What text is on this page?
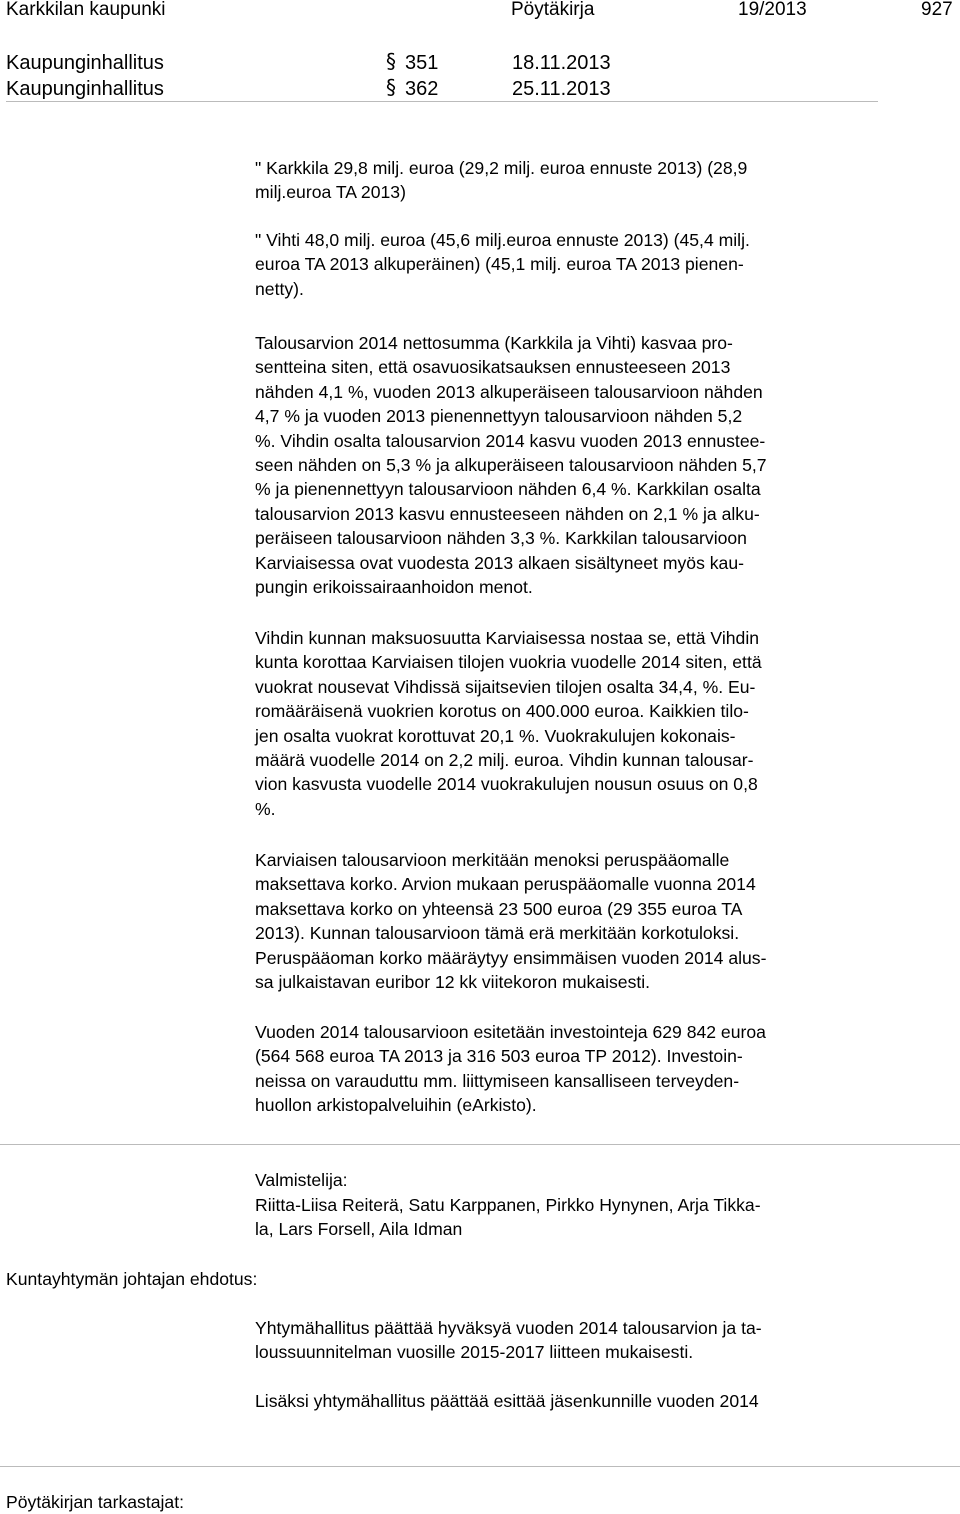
Karkkilan kaupunki	Pöytäkirja	19/2013	927
Kaupunginhallitus	§ 351	18.11.2013
Kaupunginhallitus	§ 362	25.11.2013

" Karkkila 29,8 milj. euroa (29,2 milj. euroa ennuste 2013) (28,9
milj.euroa TA 2013)

" Vihti 48,0 milj. euroa (45,6 milj.euroa ennuste 2013) (45,4 milj.
euroa TA 2013 alkuperäinen) (45,1 milj. euroa TA 2013 pienen-
netty).

Talousarvion 2014 nettosumma (Karkkila ja Vihti) kasvaa pro-
sentteina siten, että osavuosikatsauksen ennusteeseen 2013
nähden 4,1 %, vuoden 2013 alkuperäiseen talousarvioon nähden
4,7 % ja vuoden 2013 pienennettyyn talousarvioon nähden 5,2
%. Vihdin osalta talousarvion 2014 kasvu vuoden 2013 ennustee-
seen nähden on 5,3 % ja alkuperäiseen talousarvioon nähden 5,7
% ja pienennettyyn talousarvioon nähden 6,4 %. Karkkilan osalta
talousarvion 2013 kasvu ennusteeseen nähden on 2,1 % ja alku-
peräiseen talousarvioon nähden 3,3 %. Karkkilan talousarvioon
Karviaisessa ovat vuodesta 2013 alkaen sisältyneet myös kau-
pungin erikoissairaanhoidon menot.

Vihdin kunnan maksuosuutta Karviaisessa nostaa se, että Vihdin
kunta korottaa Karviaisen tilojen vuokria vuodelle 2014 siten, että
vuokrat nousevat Vihdissä sijaitsevien tilojen osalta 34,4, %. Eu-
romääräisenä vuokrien korotus on 400.000 euroa. Kaikkien tilo-
jen osalta vuokrat korottuvat 20,1 %. Vuokrakulujen kokonais-
määrä vuodelle 2014 on 2,2 milj. euroa. Vihdin kunnan talousar-
vion kasvusta vuodelle 2014 vuokrakulujen nousun osuus on 0,8
%.

Karviaisen talousarvioon merkitään menoksi peruspääomalle
maksettava korko. Arvion mukaan peruspääomalle vuonna 2014
maksettava korko on yhteensä 23 500 euroa (29 355 euroa TA
2013). Kunnan talousarvioon tämä erä merkitään korkotuloksi.
Peruspääoman korko määräytyy ensimmäisen vuoden 2014 alus-
sa julkaistavan euribor 12 kk viitekoron mukaisesti.

Vuoden 2014 talousarvioon esitetään investointeja 629 842 euroa
(564 568 euroa TA 2013 ja 316 503 euroa TP 2012). Investoin-
neissa on varauduttu mm. liittymiseen kansalliseen terveyden-
huollon arkistopalveluihin (eArkisto).

Valmistelija:

Riitta-Liisa Reiterä, Satu Karppanen, Pirkko Hynynen, Arja Tikka-
la, Lars Forsell, Aila Idman

Kuntayhtymän johtajan ehdotus:

Yhtymähallitus päättää hyväksyä vuoden 2014 talousarvion ja ta-
loussuunnitelman vuosille 2015-2017 liitteen mukaisesti.

Lisäksi yhtymähallitus päättää esittää jäsenkunnille vuoden 2014

Pöytäkirjan tarkastajat:
